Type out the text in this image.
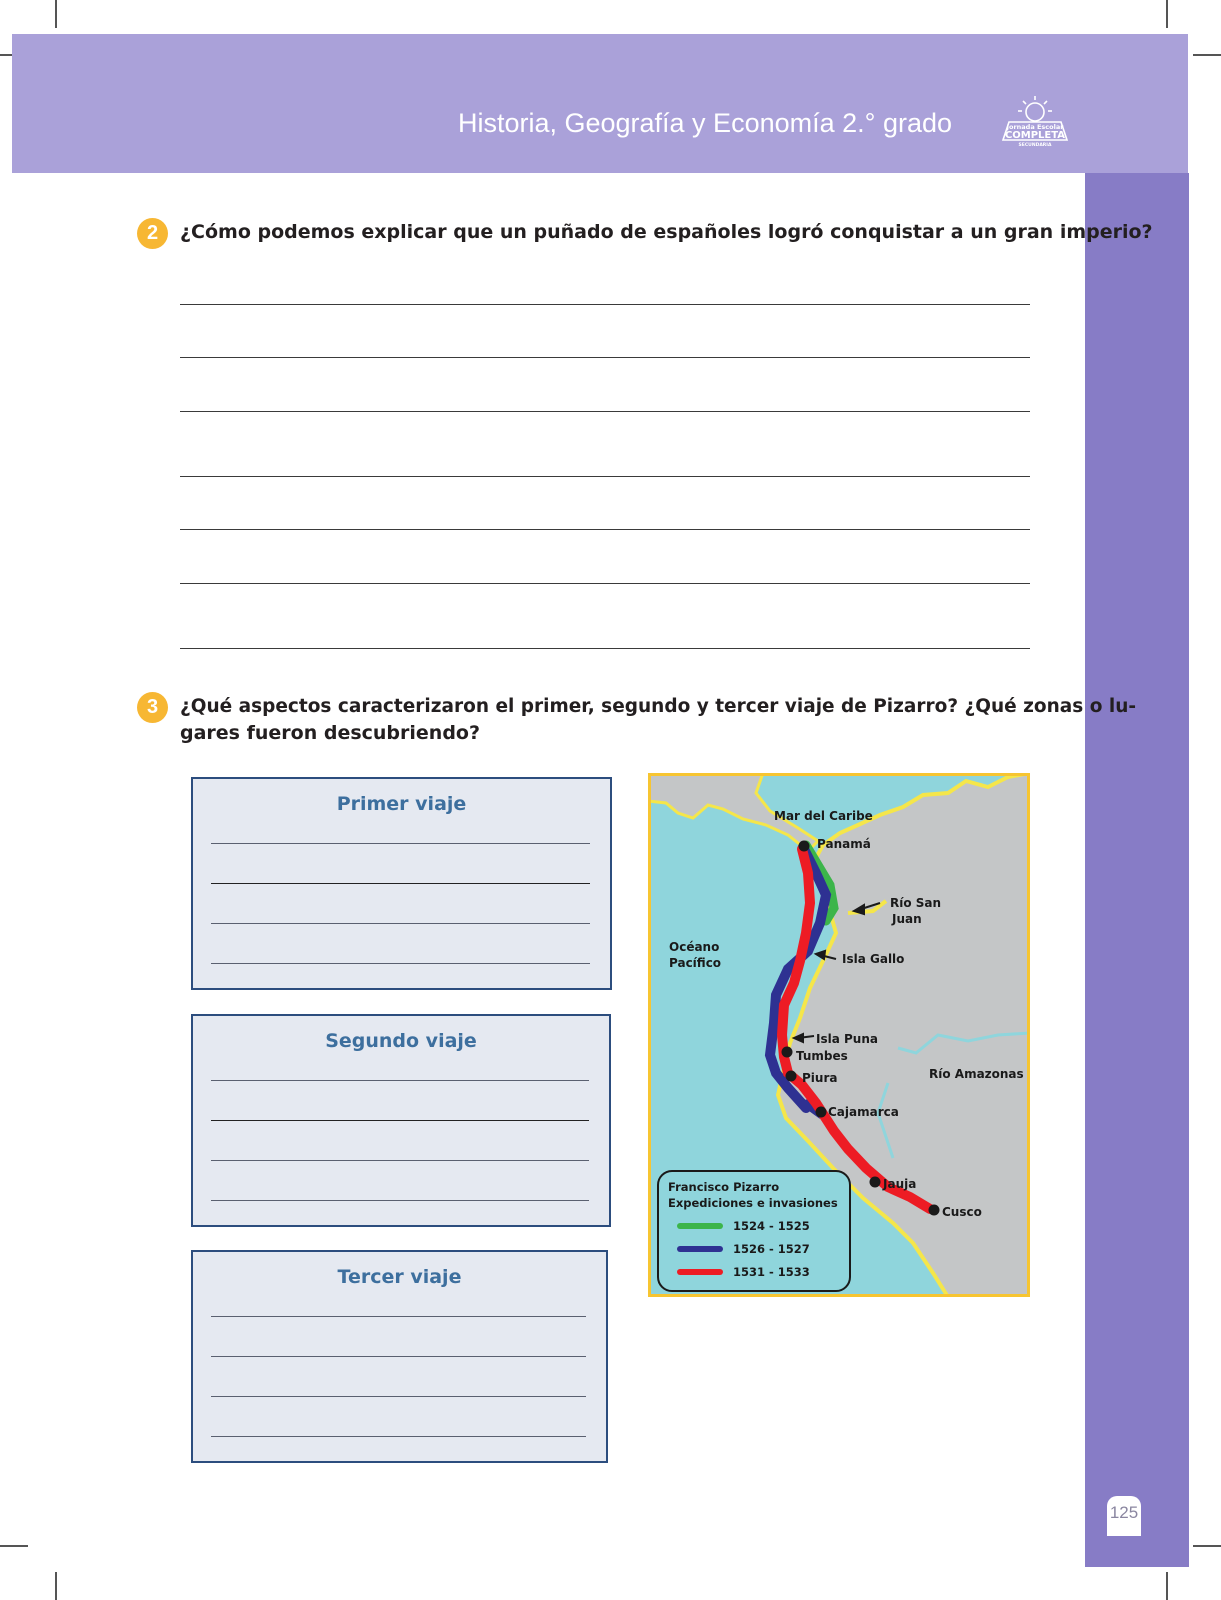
Historia, Geografía y Economía 2.° grado	Jornada Escolar
COMPLETA
SECUNDARIA
125
2	¿Cómo podemos explicar que un puñado de españoles logró conquistar a un gran imperio?
3	¿Qué aspectos caracterizaron el primer, segundo y tercer viaje de Pizarro? ¿Qué zonas o lu-
gares fueron descubriendo?
Primer viaje
Segundo viaje
Tercer viaje
Mar del Caribe
Panamá
Río San
Juan
Océano
Pacífico	Isla Gallo
Isla Puna
Tumbes
Piura	Río Amazonas
Cajamarca
Jauja
Cusco
Francisco Pizarro
Expediciones e invasiones
1524 - 1525
1526 - 1527
1531 - 1533
